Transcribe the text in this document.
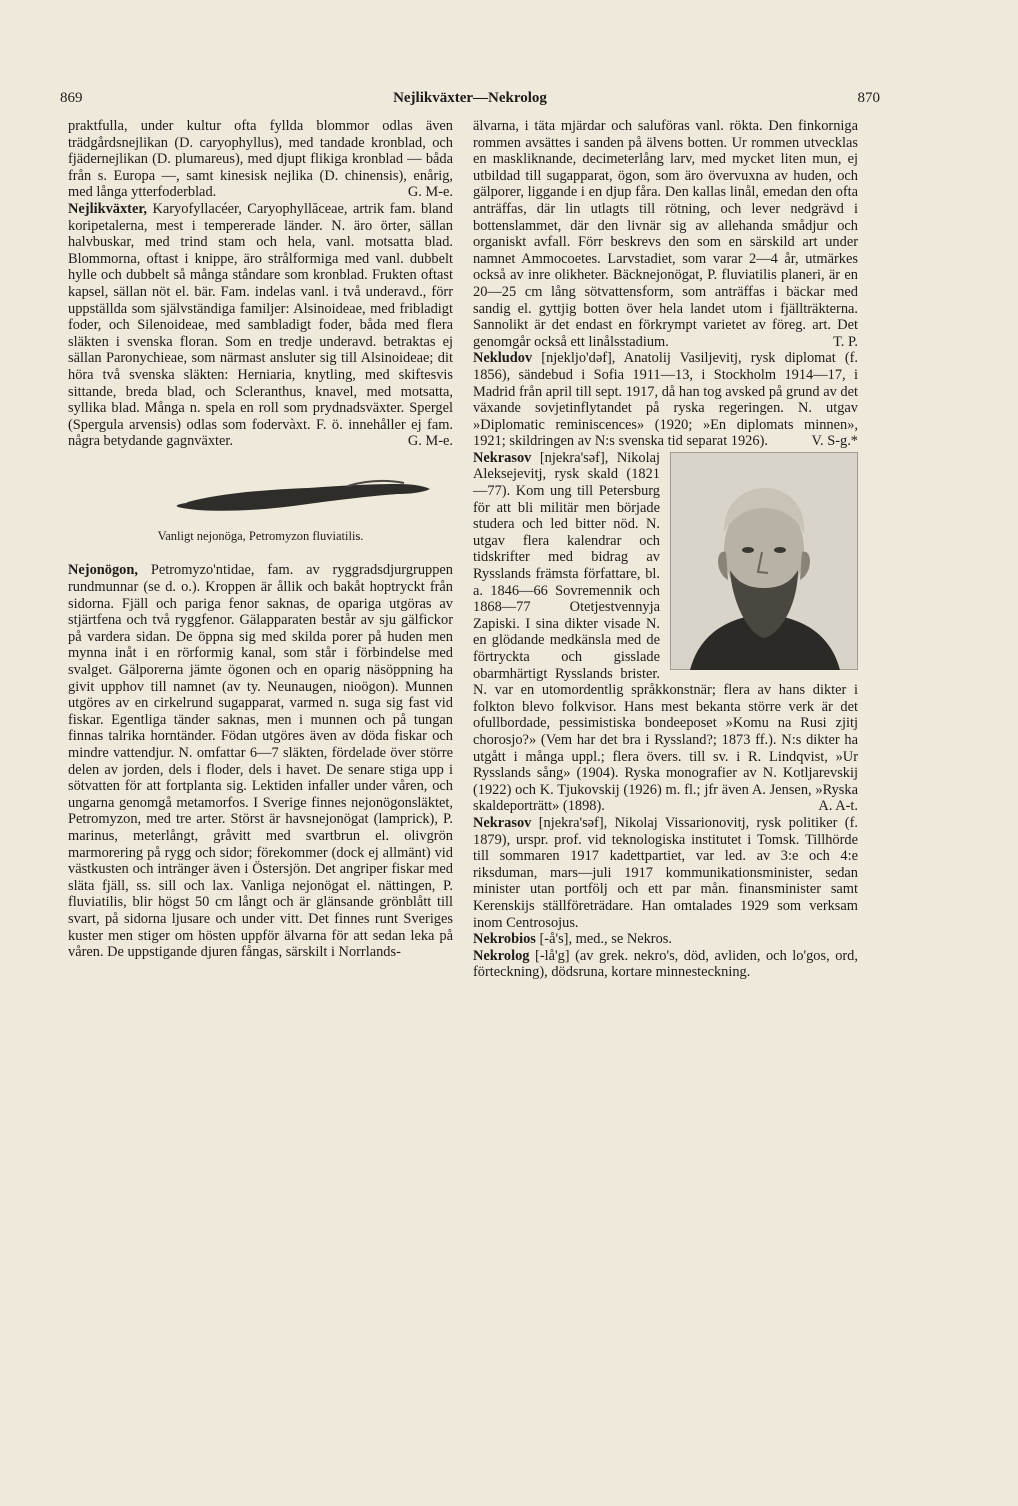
869	Nejlikväxter—Nekrolog	870

praktfulla, under kultur ofta fyllda blommor odlas även trädgårdsnejlikan (D. caryophyllus), med tandade kronblad, och fjädernejlikan (D. plumareus), med djupt flikiga kronblad — båda från s. Europa —, samt kinesisk nejlika (D. chinensis), enårig, med långa ytterfoderblad.	G. M-e.

Nejlikväxter, Karyofyllacéer, Caryophyllăceae, artrik fam. bland koripetalerna, mest i tempererade länder. N. äro örter, sällan halvbuskar, med trind stam och hela, vanl. motsatta blad. Blommorna, oftast i knippe, äro strålformiga med vanl. dubbelt hylle och dubbelt så många ståndare som kronblad. Frukten oftast kapsel, sällan nöt el. bär. Fam. indelas vanl. i två underavd., förr uppställda som självständiga familjer: Alsinoideae, med fribladigt foder, och Silenoideae, med sambladigt foder, båda med flera släkten i svenska floran. Som en tredje underavd. betraktas ej sällan Paronychieae, som närmast ansluter sig till Alsinoideae; dit höra två svenska släkten: Herniaria, knytling, med skiftesvis sittande, breda blad, och Scleranthus, knavel, med motsatta, syllika blad. Många n. spela en roll som prydnadsväxter. Spergel (Spergula arvensis) odlas som fodervàxt. F. ö. innehåller ej fam. några betydande gagnväxter.	G. M-e.

Vanligt nejonöga, Petromyzon fluviatilis.

Nejonögon, Petromyzo'ntidae, fam. av ryggradsdjurgruppen rundmunnar (se d. o.). Kroppen är ållik och bakåt hoptryckt från sidorna. Fjäll och pariga fenor saknas, de opariga utgöras av stjärtfena och två ryggfenor. Gälapparaten består av sju gälfickor på vardera sidan. De öppna sig med skilda porer på huden men mynna inåt i en rörformig kanal, som står i förbindelse med svalget. Gälporerna jämte ögonen och en oparig näsöppning ha givit upphov till namnet (av ty. Neunaugen, nioögon). Munnen utgöres av en cirkelrund sugapparat, varmed n. suga sig fast vid fiskar. Egentliga tänder saknas, men i munnen och på tungan finnas talrika horntänder. Födan utgöres även av döda fiskar och mindre vattendjur. N. omfattar 6—7 släkten, fördelade över större delen av jorden, dels i floder, dels i havet. De senare stiga upp i sötvatten för att fortplanta sig. Lektiden infaller under våren, och ungarna genomgå metamorfos. I Sverige finnes nejonögonsläktet, Petromyzon, med tre arter. Störst är havsnejonögat (lamprick), P. marinus, meterlångt, gråvitt med svartbrun el. olivgrön marmorering på rygg och sidor; förekommer (dock ej allmänt) vid västkusten och intränger även i Östersjön. Det angriper fiskar med släta fjäll, ss. sill och lax. Vanliga nejonögat el. nättingen, P. fluviatilis, blir högst 50 cm långt och är glänsande grönblått till svart, på sidorna ljusare och under vitt. Det finnes runt Sveriges kuster men stiger om hösten uppför älvarna för att sedan leka på våren. De uppstigande djuren fångas, särskilt i Norrlands-

älvarna, i täta mjärdar och saluföras vanl. rökta. Den finkorniga rommen avsättes i sanden på älvens botten. Ur rommen utvecklas en maskliknande, decimeterlång larv, med mycket liten mun, ej utbildad till sugapparat, ögon, som äro övervuxna av huden, och gälporer, liggande i en djup fåra. Den kallas linål, emedan den ofta anträffas, där lin utlagts till rötning, och lever nedgrävd i bottenslammet, där den livnär sig av allehanda smådjur och organiskt avfall. Förr beskrevs den som en särskild art under namnet Ammocoetes. Larvstadiet, som varar 2—4 år, utmärkes också av inre olikheter. Bäcknejonögat, P. fluviatilis planeri, är en 20—25 cm lång sötvattensform, som anträffas i bäckar med sandig el. gyttjig botten över hela landet utom i fjällträkterna. Sannolikt är det endast en förkrympt varietet av föreg. art. Det genomgår också ett linålsstadium.	T. P.

Nekludov [njekljo'dəf], Anatolij Vasiljevitj, rysk diplomat (f. 1856), sändebud i Sofia 1911—13, i Stockholm 1914—17, i Madrid från april till sept. 1917, då han tog avsked på grund av det växande sovjetinflytandet på ryska regeringen. N. utgav »Diplomatic reminiscences» (1920; »En diplomats minnen», 1921; skildringen av N:s svenska tid separat 1926).	V. S-g.*

Nekrasov [njekra'səf], Nikolaj Aleksejevitj, rysk skald (1821—77). Kom ung till Petersburg för att bli militär men började studera och led bitter nöd. N. utgav flera kalendrar och tidskrifter med bidrag av Rysslands främsta författare, bl. a. 1846—66 Sovremennik och 1868—77 Otetjestvennyja Zapiski. I sina dikter visade N. en glödande medkänsla med de förtryckta och gisslade obarmhärtigt Rysslands brister. N. var en utomordentlig språkkonstnär; flera av hans dikter i folkton blevo folkvisor. Hans mest bekanta större verk är det ofullbordade, pessimistiska bondeeposet »Komu na Rusi zjitj chorosjo?» (Vem har det bra i Ryssland?; 1873 ff.). N:s dikter ha utgått i många uppl.; flera övers. till sv. i R. Lindqvist, »Ur Rysslands sång» (1904). Ryska monografier av N. Kotljarevskij (1922) och K. Tjukovskij (1926) m. fl.; jfr även A. Jensen, »Ryska skaldeporträtt» (1898).	A. A-t.

Nekrasov [njekra'səf], Nikolaj Vissarionovitj, rysk politiker (f. 1879), urspr. prof. vid teknologiska institutet i Tomsk. Tillhörde till sommaren 1917 kadettpartiet, var led. av 3:e och 4:e riksduman, mars—juli 1917 kommunikationsminister, sedan minister utan portfölj och ett par mån. finansminister samt Kerenskijs ställföreträdare. Han omtalades 1929 som verksam inom Centrosojus.

Nekrobios [-å's], med., se Nekros.

Nekrolog [-lå'g] (av grek. nekro's, död, avliden, och lo'gos, ord, förteckning), dödsruna, kortare minnesteckning.
